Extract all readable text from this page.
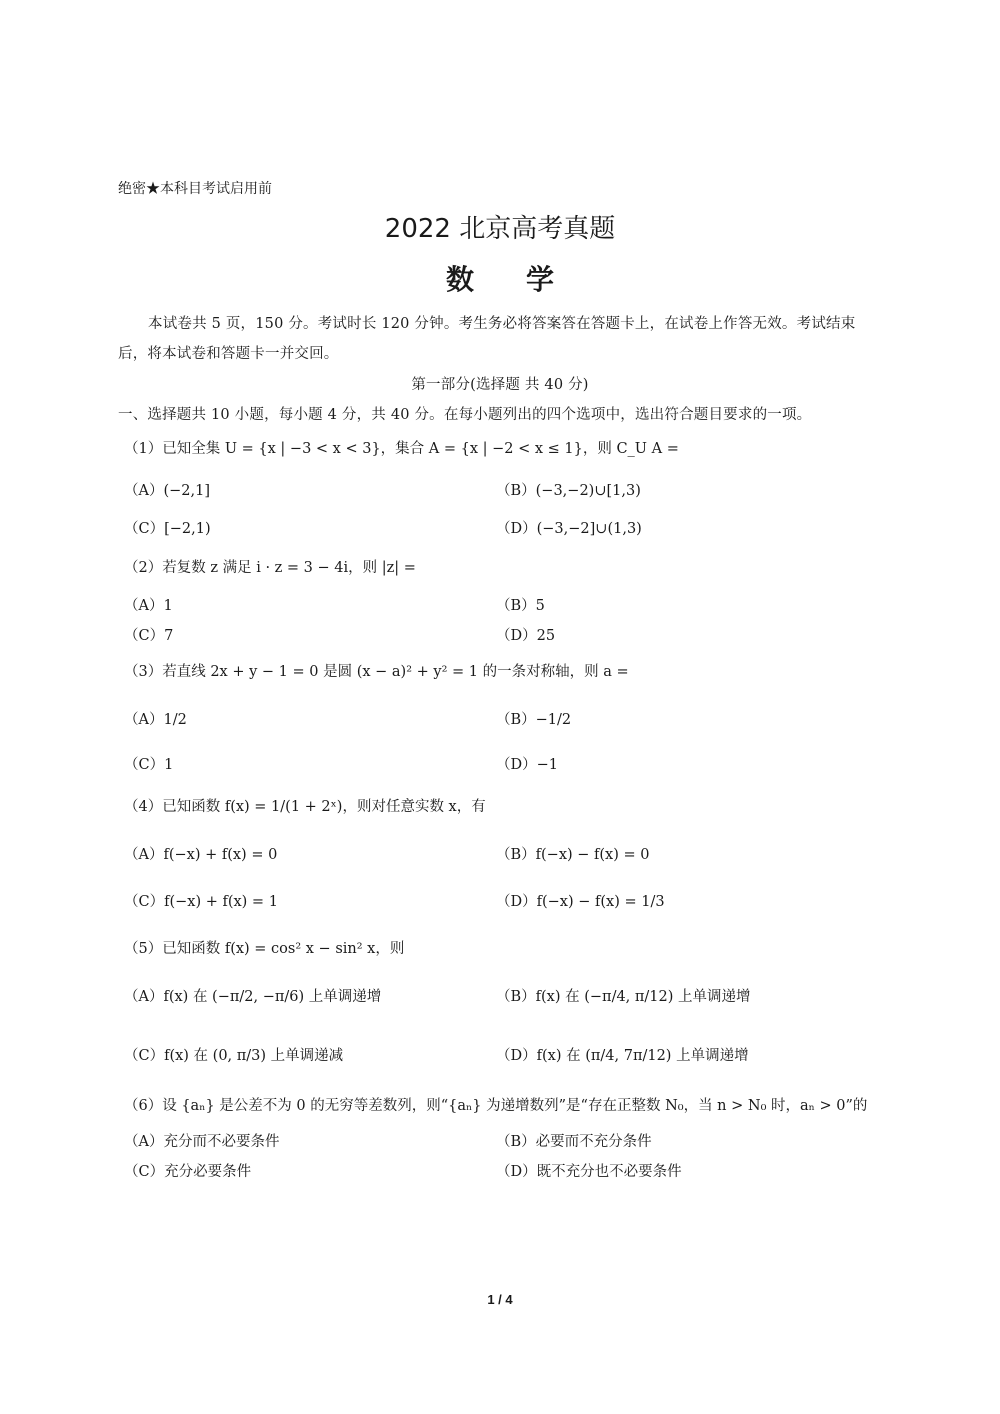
绝密★本科目考试启用前
2022 北京高考真题
数学
本试卷共 5 页，150 分。考试时长 120 分钟。考生务必将答案答在答题卡上，在试卷上作答无效。考试结束
后，将本试卷和答题卡一并交回。
第一部分(选择题 共 40 分)
一、选择题共 10 小题，每小题 4 分，共 40 分。在每小题列出的四个选项中，选出符合题目要求的一项。
（1）已知全集 U = {x | −3 < x < 3}，集合 A = {x | −2 < x ≤ 1}，则 C_U A =
（A）(−2,1]	（B）(−3,−2)∪[1,3)
（C）[−2,1)	（D）(−3,−2]∪(1,3)
（2）若复数 z 满足 i · z = 3 − 4i，则 |z| =
（A）1	（B）5
（C）7	（D）25
（3）若直线 2x + y − 1 = 0 是圆 (x − a)² + y² = 1 的一条对称轴，则 a =
（A）1/2	（B）−1/2
（C）1	（D）−1
（4）已知函数 f(x) = 1/(1 + 2ˣ)，则对任意实数 x，有
（A）f(−x) + f(x) = 0	（B）f(−x) − f(x) = 0
（C）f(−x) + f(x) = 1	（D）f(−x) − f(x) = 1/3
（5）已知函数 f(x) = cos² x − sin² x，则
（A）f(x) 在 (−π/2, −π/6) 上单调递增	（B）f(x) 在 (−π/4, π/12) 上单调递增
（C）f(x) 在 (0, π/3) 上单调递减	（D）f(x) 在 (π/4, 7π/12) 上单调递增
（6）设 {aₙ} 是公差不为 0 的无穷等差数列，则“{aₙ} 为递增数列”是“存在正整数 N₀，当 n > N₀ 时，aₙ > 0”的
（A）充分而不必要条件	（B）必要而不充分条件
（C）充分必要条件	（D）既不充分也不必要条件
1 / 4
